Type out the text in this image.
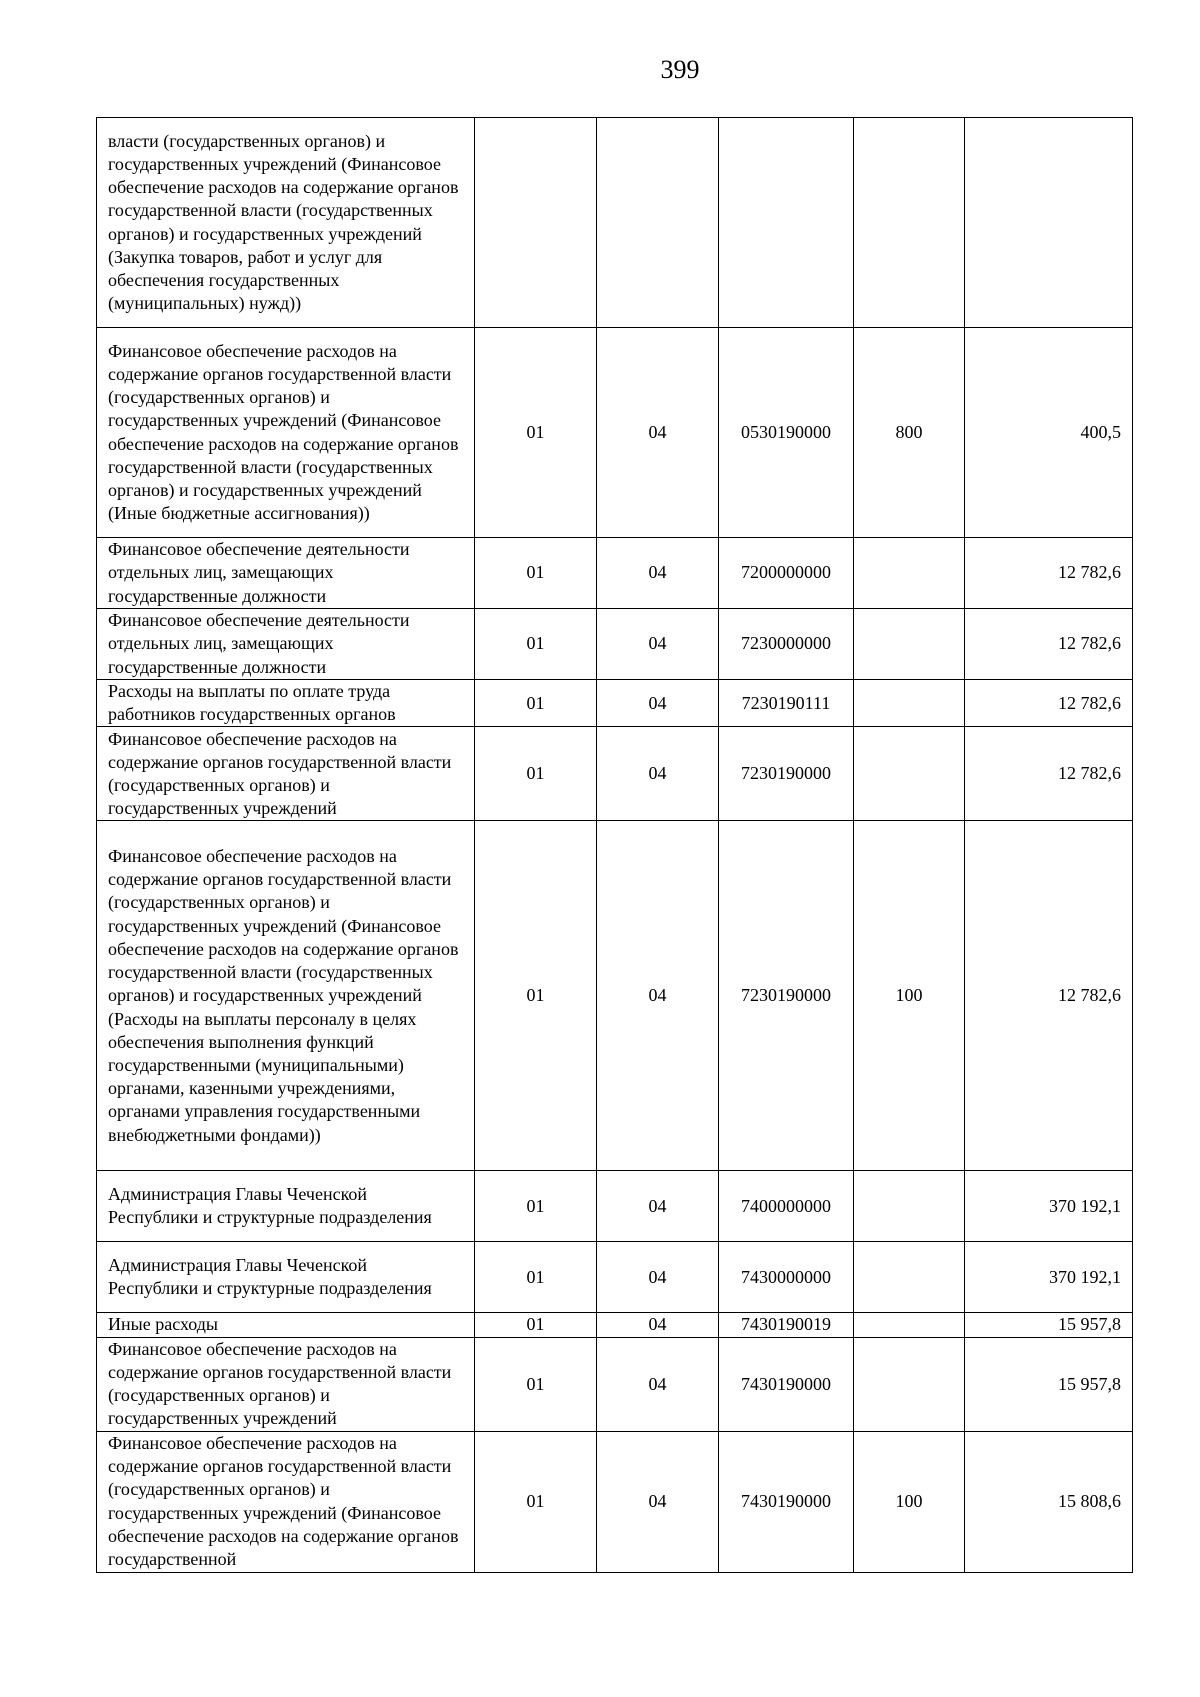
399
власти (государственных органов) и государственных учреждений (Финансовое обеспечение расходов на содержание органов государственной власти (государственных органов) и государственных учреждений (Закупка товаров, работ и услуг для обеспечения государственных (муниципальных) нужд))					
Финансовое обеспечение расходов на содержание органов государственной власти (государственных органов) и государственных учреждений (Финансовое обеспечение расходов на содержание органов государственной власти (государственных органов) и государственных учреждений (Иные бюджетные ассигнования))	01	04	0530190000	800	400,5
Финансовое обеспечение деятельности отдельных лиц, замещающих государственные должности	01	04	7200000000		12 782,6
Финансовое обеспечение деятельности отдельных лиц, замещающих государственные должности	01	04	7230000000		12 782,6
Расходы на выплаты по оплате труда работников государственных органов	01	04	7230190111		12 782,6
Финансовое обеспечение расходов на содержание органов государственной власти (государственных органов) и государственных учреждений	01	04	7230190000		12 782,6
Финансовое обеспечение расходов на содержание органов государственной власти (государственных органов) и государственных учреждений (Финансовое обеспечение расходов на содержание органов государственной власти (государственных органов) и государственных учреждений (Расходы на выплаты персоналу в целях обеспечения выполнения функций государственными (муниципальными) органами, казенными учреждениями, органами управления государственными внебюджетными фондами))	01	04	7230190000	100	12 782,6
Администрация Главы Чеченской Республики и структурные подразделения	01	04	7400000000		370 192,1
Администрация Главы Чеченской Республики и структурные подразделения	01	04	7430000000		370 192,1
Иные расходы	01	04	7430190019		15 957,8
Финансовое обеспечение расходов на содержание органов государственной власти (государственных органов) и государственных учреждений	01	04	7430190000		15 957,8
Финансовое обеспечение расходов на содержание органов государственной власти (государственных органов) и государственных учреждений (Финансовое обеспечение расходов на содержание органов государственной	01	04	7430190000	100	15 808,6
